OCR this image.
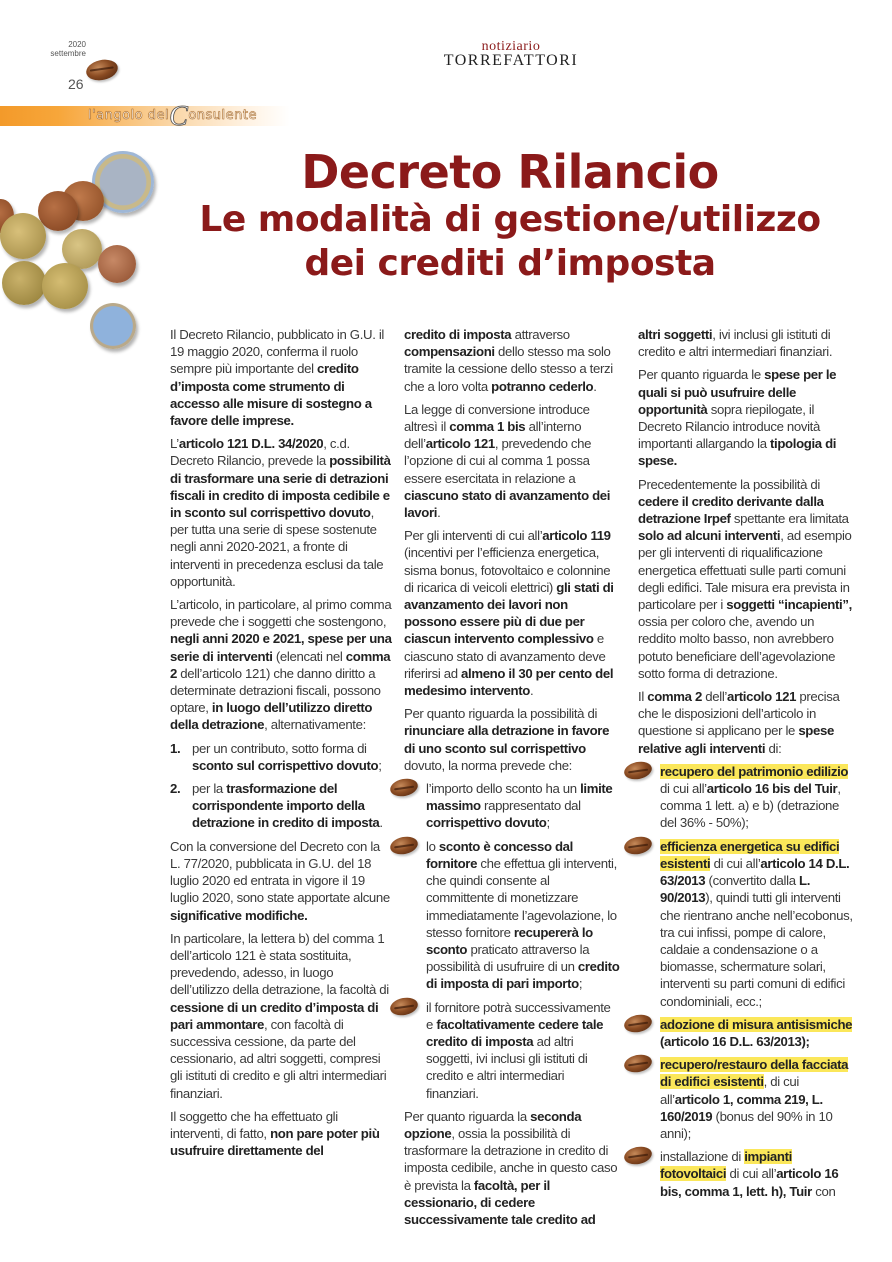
2020
settembre
26
notiziario
TORREFATTORI
l'angolo delConsulente
Decreto Rilancio
Le modalità di gestione/utilizzo
dei crediti d’imposta

Il Decreto Rilancio, pubblicato in G.U. il 19 maggio 2020, conferma il ruolo sempre più importante del credito d’imposta come strumento di accesso alle misure di sostegno a favore delle imprese.

L’articolo 121 D.L. 34/2020, c.d. Decreto Rilancio, prevede la possibilità di trasformare una serie di detrazioni fiscali in credito di imposta cedibile e in sconto sul corrispettivo dovuto, per tutta una serie di spese sostenute negli anni 2020-2021, a fronte di interventi in precedenza esclusi da tale opportunità.

L’articolo, in particolare, al primo comma prevede che i soggetti che sostengono, negli anni 2020 e 2021, spese per una serie di interventi (elencati nel comma 2 dell’articolo 121) che danno diritto a determinate detrazioni fiscali, possono optare, in luogo dell’utilizzo diretto della detrazione, alternativamente:

1. per un contributo, sotto forma di sconto sul corrispettivo dovuto;
2. per la trasformazione del corrispondente importo della detrazione in credito di imposta.

Con la conversione del Decreto con la L. 77/2020, pubblicata in G.U. del 18 luglio 2020 ed entrata in vigore il 19 luglio 2020, sono state apportate alcune significative modifiche.

In particolare, la lettera b) del comma 1 dell’articolo 121 è stata sostituita, prevedendo, adesso, in luogo dell’utilizzo della detrazione, la facoltà di cessione di un credito d’imposta di pari ammontare, con facoltà di successiva cessione, da parte del cessionario, ad altri soggetti, compresi gli istituti di credito e gli altri intermediari finanziari.

Il soggetto che ha effettuato gli interventi, di fatto, non pare poter più usufruire direttamente del

credito di imposta attraverso compensazioni dello stesso ma solo tramite la cessione dello stesso a terzi che a loro volta potranno cederlo.

La legge di conversione introduce altresì il comma 1 bis all’interno dell’articolo 121, prevedendo che l’opzione di cui al comma 1 possa essere esercitata in relazione a ciascuno stato di avanzamento dei lavori.

Per gli interventi di cui all’articolo 119 (incentivi per l’efficienza energetica, sisma bonus, fotovoltaico e colonnine di ricarica di veicoli elettrici) gli stati di avanzamento dei lavori non possono essere più di due per ciascun intervento complessivo e ciascuno stato di avanzamento deve riferirsi ad almeno il 30 per cento del medesimo intervento.

Per quanto riguarda la possibilità di rinunciare alla detrazione in favore di uno sconto sul corrispettivo dovuto, la norma prevede che:

l’importo dello sconto ha un limite massimo rappresentato dal corrispettivo dovuto;
lo sconto è concesso dal fornitore che effettua gli interventi, che quindi consente al committente di monetizzare immediatamente l’agevolazione, lo stesso fornitore recupererà lo sconto praticato attraverso la possibilità di usufruire di un credito di imposta di pari importo;
il fornitore potrà successivamente e facoltativamente cedere tale credito di imposta ad altri soggetti, ivi inclusi gli istituti di credito e altri intermediari finanziari.

Per quanto riguarda la seconda opzione, ossia la possibilità di trasformare la detrazione in credito di imposta cedibile, anche in questo caso è prevista la facoltà, per il cessionario, di cedere successivamente tale credito ad

altri soggetti, ivi inclusi gli istituti di credito e altri intermediari finanziari.

Per quanto riguarda le spese per le quali si può usufruire delle opportunità sopra riepilogate, il Decreto Rilancio introduce novità importanti allargando la tipologia di spese.

Precedentemente la possibilità di cedere il credito derivante dalla detrazione Irpef spettante era limitata solo ad alcuni interventi, ad esempio per gli interventi di riqualificazione energetica effettuati sulle parti comuni degli edifici. Tale misura era prevista in particolare per i soggetti “incapienti”, ossia per coloro che, avendo un reddito molto basso, non avrebbero potuto beneficiare dell’agevolazione sotto forma di detrazione.

Il comma 2 dell’articolo 121 precisa che le disposizioni dell’articolo in questione si applicano per le spese relative agli interventi di:

recupero del patrimonio edilizio di cui all’articolo 16 bis del Tuir, comma 1 lett. a) e b) (detrazione del 36% - 50%);
efficienza energetica su edifici esistenti di cui all’articolo 14 D.L. 63/2013 (convertito dalla L. 90/2013), quindi tutti gli interventi che rientrano anche nell’ecobonus, tra cui infissi, pompe di calore, caldaie a condensazione o a biomasse, schermature solari, interventi su parti comuni di edifici condominiali, ecc.;
adozione di misura antisismiche (articolo 16 D.L. 63/2013);
recupero/restauro della facciata di edifici esistenti, di cui all’articolo 1, comma 219, L. 160/2019 (bonus del 90% in 10 anni);
installazione di impianti fotovoltaici di cui all’articolo 16 bis, comma 1, lett. h), Tuir con
